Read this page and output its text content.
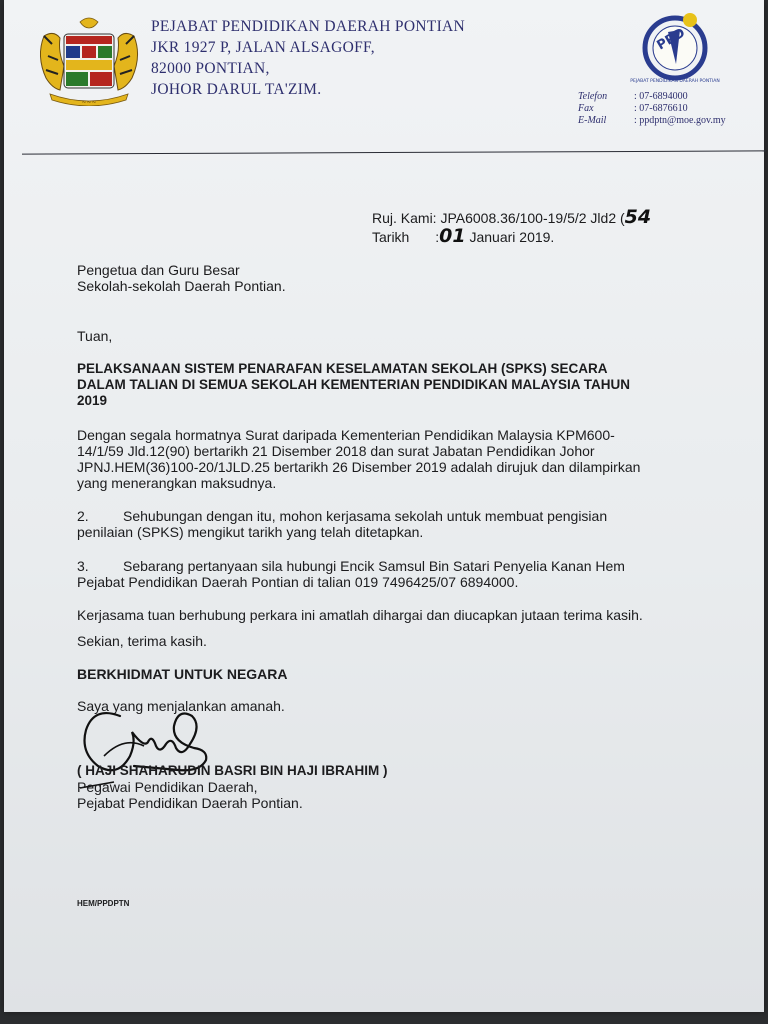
~~~
PEJABAT PENDIDIKAN DAERAH PONTIAN
JKR 1927 P, JALAN ALSAGOFF,
82000 PONTIAN,
JOHOR DARUL TA'ZIM.
PPD
PEJABAT PENDIDIKAN DAERAH PONTIAN
Telefon	: 07-6894000
Fax	: 07-6876610
E-Mail	: ppdptn@moe.gov.my
Ruj. Kami: JPA6008.36/100-19/5/2 Jld2 (54
Tarikh :01 Januari 2019.
Pengetua dan Guru Besar
Sekolah-sekolah Daerah Pontian.
Tuan,
PELAKSANAAN SISTEM PENARAFAN KESELAMATAN SEKOLAH (SPKS) SECARA
DALAM TALIAN DI SEMUA SEKOLAH KEMENTERIAN PENDIDIKAN MALAYSIA TAHUN
2019
Dengan segala hormatnya Surat daripada Kementerian Pendidikan Malaysia KPM600-
14/1/59 Jld.12(90) bertarikh 21 Disember 2018 dan surat Jabatan Pendidikan Johor
JPNJ.HEM(36)100-20/1JLD.25 bertarikh 26 Disember 2019 adalah dirujuk dan dilampirkan
yang menerangkan maksudnya.
2. Sehubungan dengan itu, mohon kerjasama sekolah untuk membuat pengisian
penilaian (SPKS) mengikut tarikh yang telah ditetapkan.
3. Sebarang pertanyaan sila hubungi Encik Samsul Bin Satari Penyelia Kanan Hem
Pejabat Pendidikan Daerah Pontian di talian 019 7496425/07 6894000.
Kerjasama tuan berhubung perkara ini amatlah dihargai dan diucapkan jutaan terima kasih.
Sekian, terima kasih.
BERKHIDMAT UNTUK NEGARA
Saya yang menjalankan amanah.
( HAJI SHAHARUDIN BASRI BIN HAJI IBRAHIM )
Pegawai Pendidikan Daerah,
Pejabat Pendidikan Daerah Pontian.
HEM/PPDPTN
